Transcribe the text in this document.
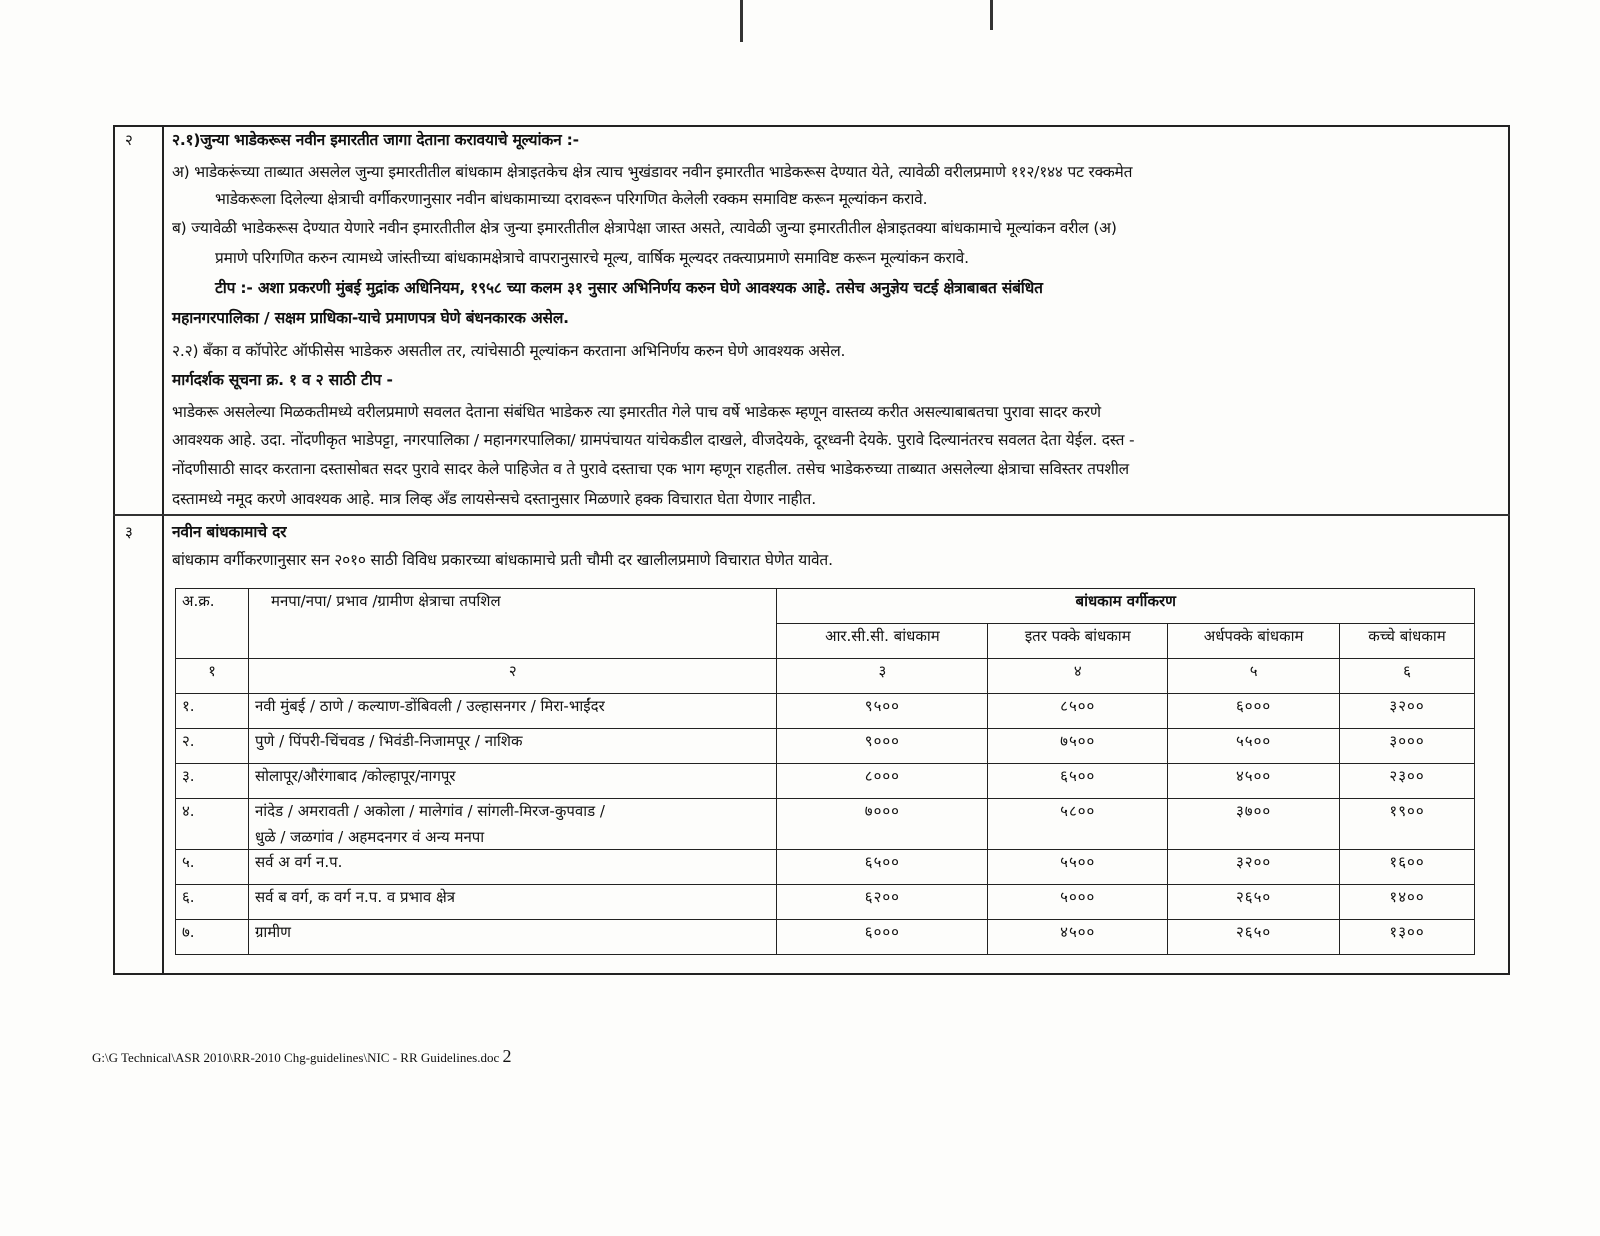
२	२.१)जुन्या भाडेकरूस नवीन इमारतीत जागा देताना करावयाचे मूल्यांकन :-
अ) भाडेकरूंच्या ताब्यात असलेल जुन्या इमारतीतील बांधकाम क्षेत्राइतकेच क्षेत्र त्याच भुखंडावर नवीन इमारतीत भाडेकरूस देण्यात येते, त्यावेळी वरीलप्रमाणे ११२/१४४ पट रक्कमेत
भाडेकरूला दिलेल्या क्षेत्राची वर्गीकरणानुसार नवीन बांधकामाच्या दरावरून परिगणित केलेली रक्कम समाविष्ट करून मूल्यांकन करावे.
ब) ज्यावेळी भाडेकरूस देण्यात येणारे नवीन इमारतीतील क्षेत्र जुन्या इमारतीतील क्षेत्रापेक्षा जास्त असते, त्यावेळी जुन्या इमारतीतील क्षेत्राइतक्या बांधकामाचे मूल्यांकन वरील (अ)
प्रमाणे परिगणित करुन त्यामध्ये जांस्तीच्या बांधकामक्षेत्राचे वापरानुसारचे मूल्य, वार्षिक मूल्यदर तक्त्याप्रमाणे समाविष्ट करून मूल्यांकन करावे.
टीप :- अशा प्रकरणी मुंबई मुद्रांक अधिनियम, १९५८ च्या कलम ३१ नुसार अभिनिर्णय करुन घेणे आवश्यक आहे. तसेच अनुज्ञेय चटई क्षेत्राबाबत संबंधित
महानगरपालिका / सक्षम प्राधिका-याचे प्रमाणपत्र घेणे बंधनकारक असेल.
२.२) बँका व कॉपोरेट ऑफीसेस भाडेकरु असतील तर, त्यांचेसाठी मूल्यांकन करताना अभिनिर्णय करुन घेणे आवश्यक असेल.
मार्गदर्शक सूचना क्र. १ व २ साठी टीप -
भाडेकरू असलेल्या मिळकतीमध्ये वरीलप्रमाणे सवलत देताना संबंधित भाडेकरु त्या इमारतीत गेले पाच वर्षे भाडेकरू म्हणून वास्तव्य करीत असल्याबाबतचा पुरावा सादर करणे
आवश्यक आहे. उदा. नोंदणीकृत भाडेपट्टा, नगरपालिका / महानगरपालिका/ ग्रामपंचायत यांचेकडील दाखले, वीजदेयके, दूरध्वनी देयके. पुरावे दिल्यानंतरच सवलत देता येईल. दस्त -
नोंदणीसाठी सादर करताना दस्तासोबत सदर पुरावे सादर केले पाहिजेत व ते पुरावे दस्ताचा एक भाग म्हणून राहतील. तसेच भाडेकरुच्या ताब्यात असलेल्या क्षेत्राचा सविस्तर तपशील
दस्तामध्ये नमूद करणे आवश्यक आहे. मात्र लिव्ह अँड लायसेन्सचे दस्तानुसार मिळणारे हक्क विचारात घेता येणार नाहीत.
३	नवीन बांधकामाचे दर
बांधकाम वर्गीकरणानुसार सन २०१० साठी विविध प्रकारच्या बांधकामाचे प्रती चौमी दर खालीलप्रमाणे विचारात घेणेत यावेत.
अ.क्र.	मनपा/नपा/ प्रभाव /ग्रामीण क्षेत्राचा तपशिल	बांधकाम वर्गीकरण			
		आर.सी.सी. बांधकाम	इतर पक्के बांधकाम	अर्धपक्के बांधकाम	कच्चे बांधकाम
१	२	३	४	५	६
१.	नवी मुंबई / ठाणे / कल्याण-डोंबिवली / उल्हासनगर / मिरा-भाईंदर	९५००	८५००	६०००	३२००
२.	पुणे / पिंपरी-चिंचवड / भिवंडी-निजामपूर / नाशिक	९०००	७५००	५५००	३०००
३.	सोलापूर/औरंगाबाद /कोल्हापूर/नागपूर	८०००	६५००	४५००	२३००
४.	नांदेड / अमरावती / अकोला / मालेगांव / सांगली-मिरज-कुपवाड /
धुळे / जळगांव / अहमदनगर वं अन्य मनपा	७०००	५८००	३७००	१९००
५.	सर्व अ वर्ग न.प.	६५००	५५००	३२००	१६००
६.	सर्व ब वर्ग, क वर्ग न.प. व प्रभाव क्षेत्र	६२००	५०००	२६५०	१४००
७.	ग्रामीण	६०००	४५००	२६५०	१३००
G:\G Technical\ASR 2010\RR-2010 Chg-guidelines\NIC - RR Guidelines.doc 2
